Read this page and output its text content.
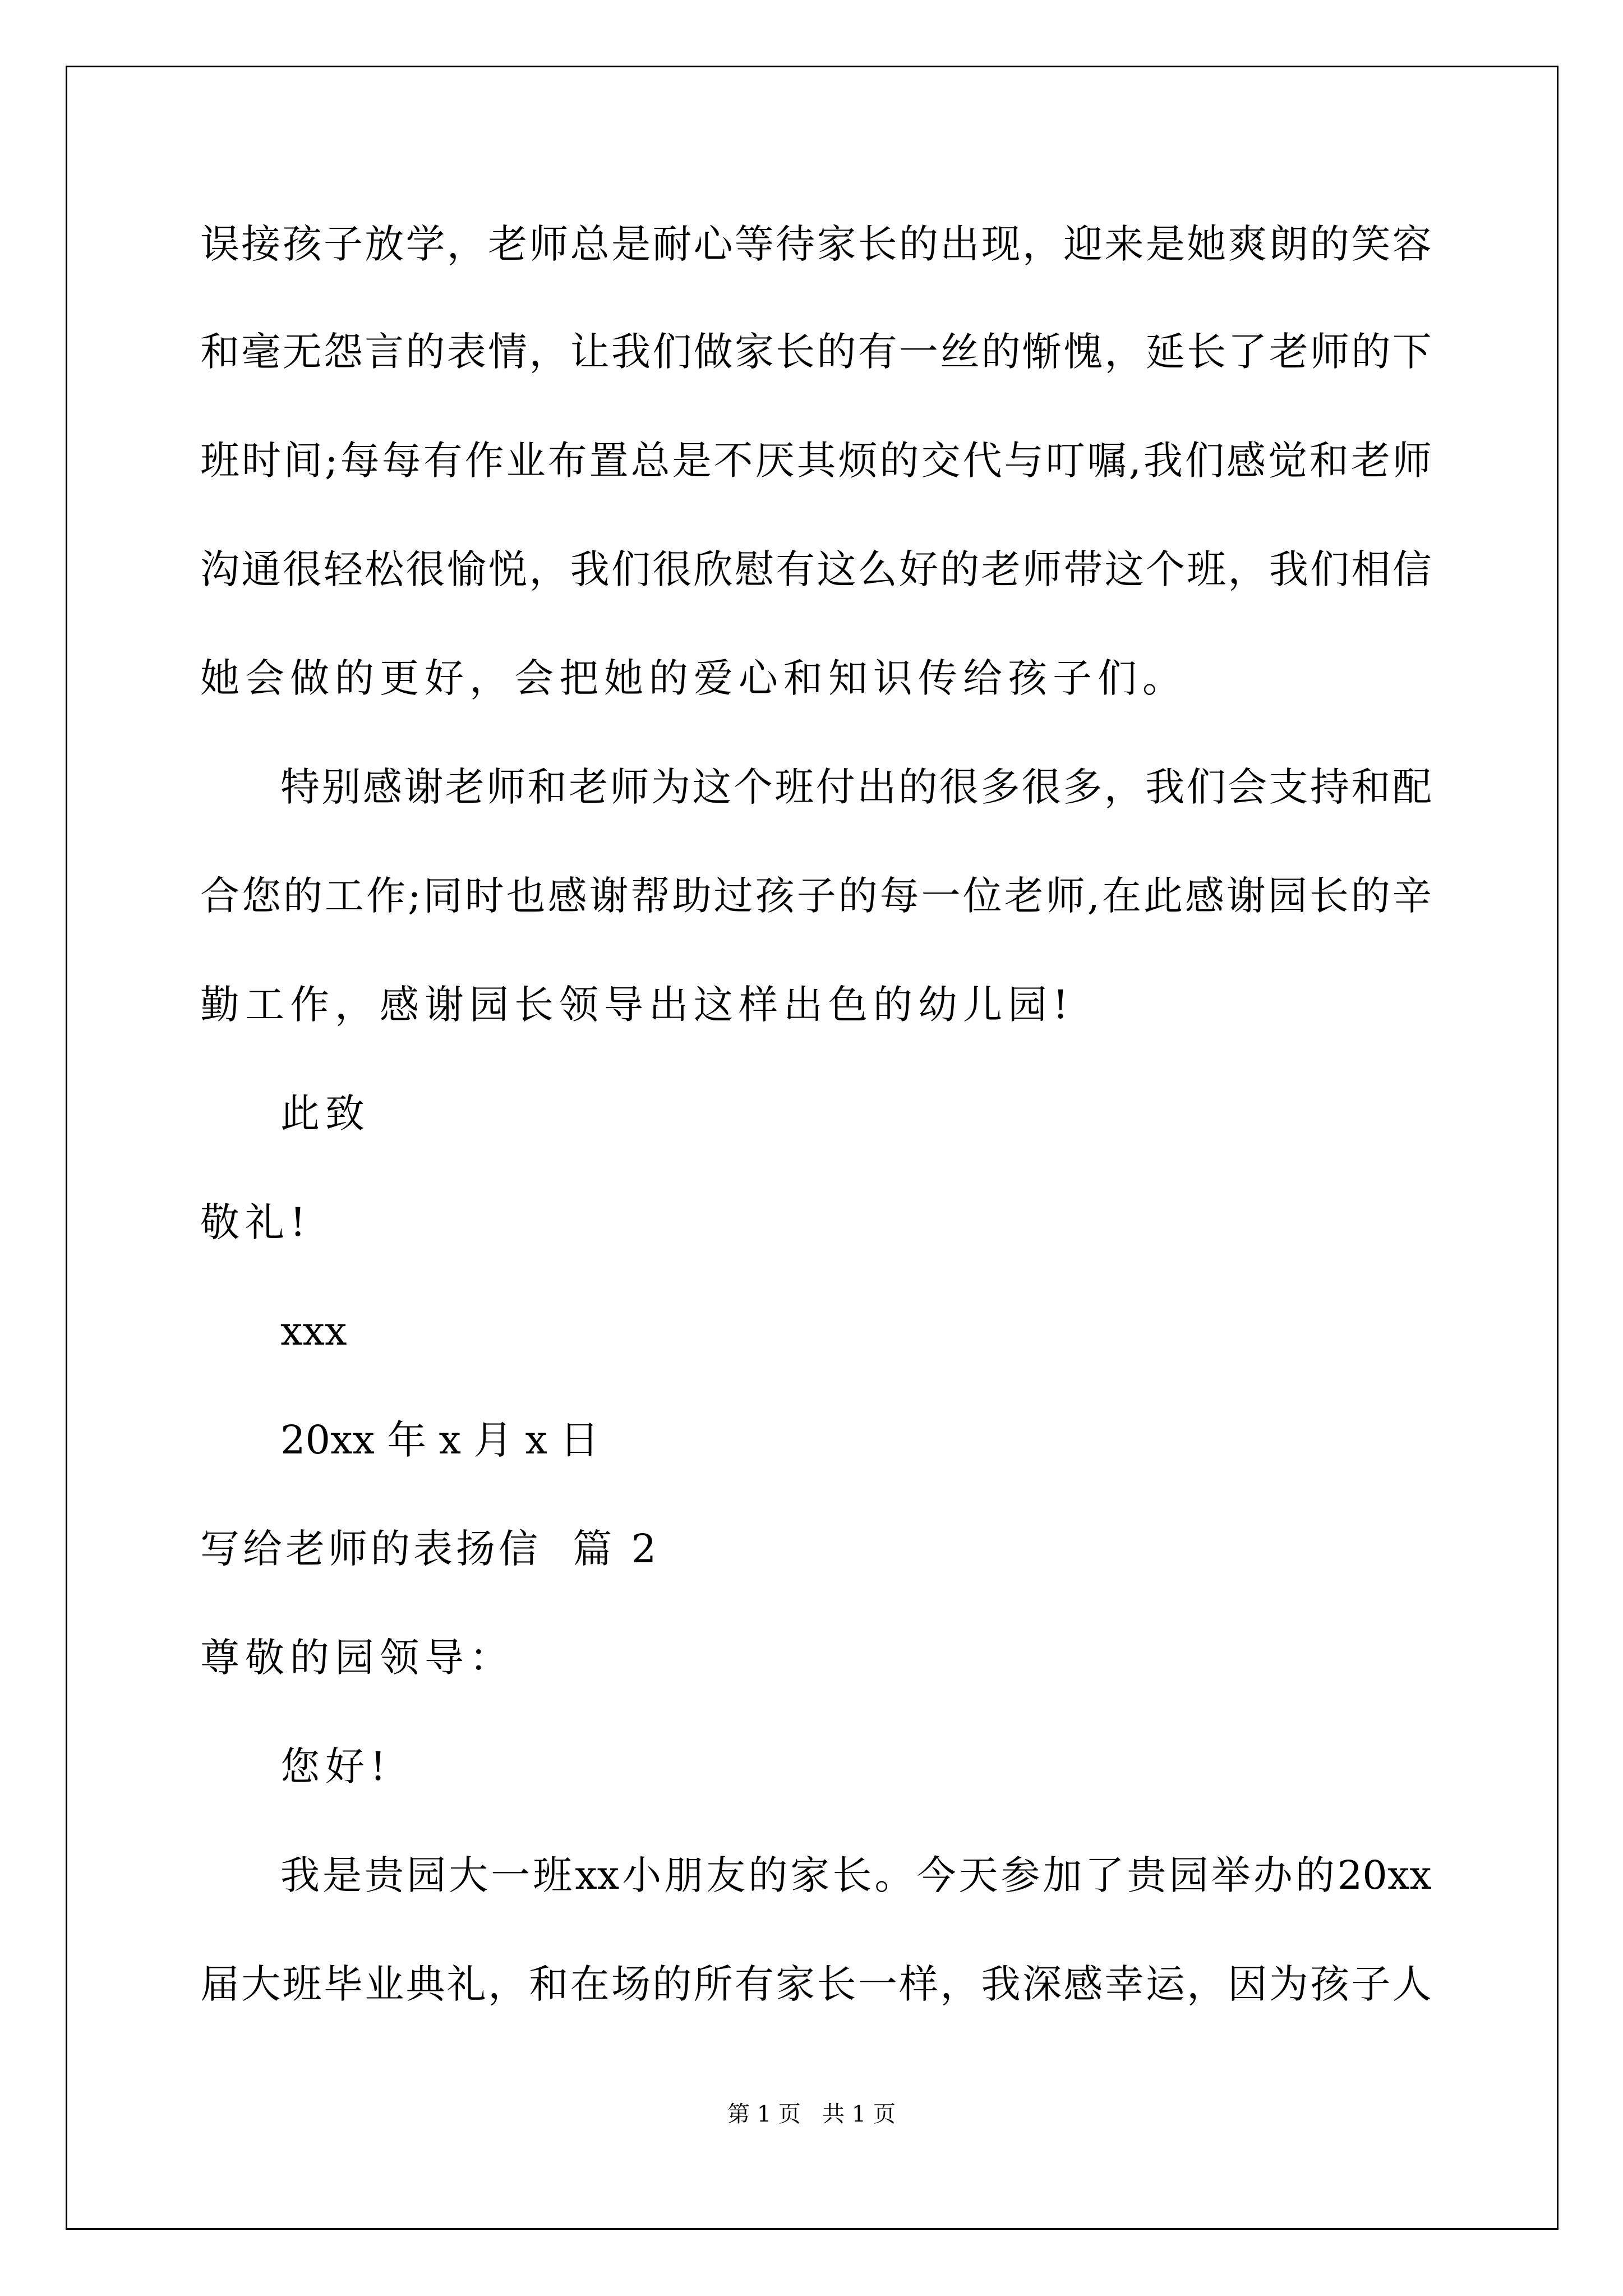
误 接 孩 子 放 学 ， 老 师 总 是 耐 心 等 待 家 长 的 出 现 ， 迎 来 是 她 爽 朗 的 笑 容
和 毫 无 怨 言 的 表 情 ， 让 我 们 做 家 长 的 有 一 丝 的 惭 愧 ， 延 长 了 老 师 的 下
班 时 间 ; 每 每 有 作 业 布 置 总 是 不 厌 其 烦 的 交 代 与 叮 嘱 , 我 们 感 觉 和 老 师
沟 通 很 轻 松 很 愉 悦 ， 我 们 很 欣 慰 有 这 么 好 的 老 师 带 这 个 班 ， 我 们 相 信
她会做的更好，会把她的爱心和知识传给孩子们。
特 别 感 谢 老 师 和 老 师 为 这 个 班 付 出 的 很 多 很 多 ， 我 们 会 支 持 和 配
合 您 的 工 作 ; 同 时 也 感 谢 帮 助 过 孩 子 的 每 一 位 老 师 , 在 此 感 谢 园 长 的 辛
勤工作，感谢园长领导出这样出色的幼儿园!
此致
敬礼!
xxx
20xx 年 x 月 x 日
写给老师的表扬信  篇 2
尊敬的园领导：
您好!
我 是 贵 园 大 一 班 xx 小 朋 友 的 家 长 。 今 天 参 加 了 贵 园 举 办 的 20xx
届 大 班 毕 业 典 礼 ， 和 在 场 的 所 有 家 长 一 样 ， 我 深 感 幸 运 ， 因 为 孩 子 人
第 1 页   共 1 页
